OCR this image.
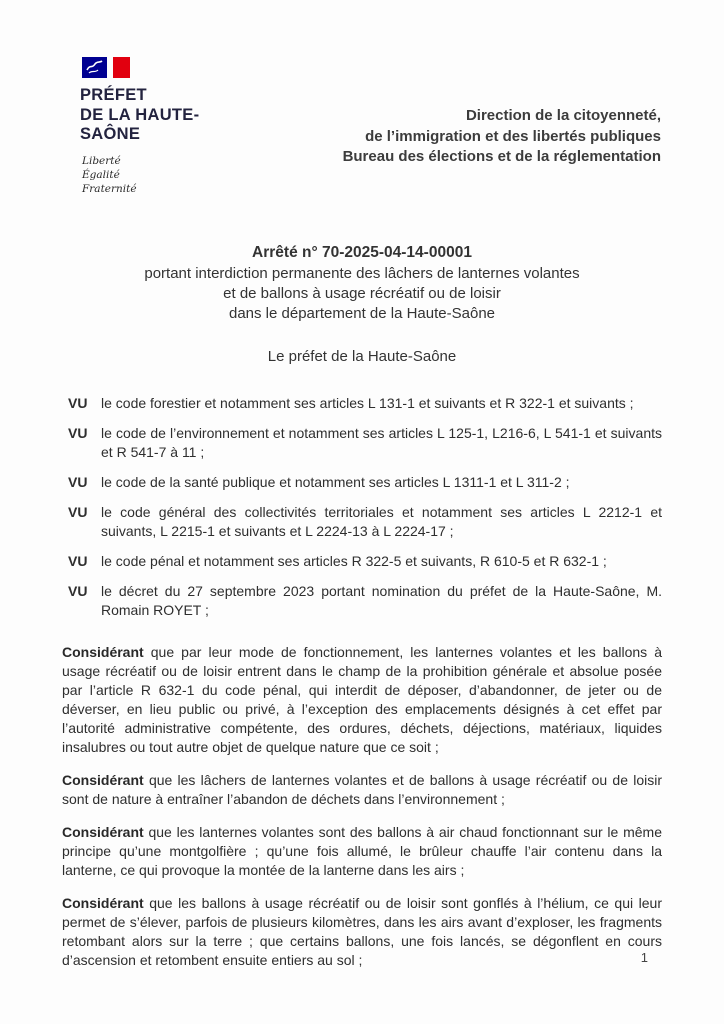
PRÉFET
DE LA HAUTE-
SAÔNE
Liberté
Égalité
Fraternité
Direction de la citoyenneté,
de l’immigration et des libertés publiques
Bureau des élections et de la réglementation
Arrêté n° 70-2025-04-14-00001
portant interdiction permanente des lâchers de lanternes volantes
et de ballons à usage récréatif ou de loisir
dans le département de la Haute-Saône
Le préfet de la Haute-Saône
VU le code forestier et notamment ses articles L 131-1 et suivants et R 322-1 et suivants ;
VU le code de l’environnement et notamment ses articles L 125-1, L216-6, L 541-1 et suivants et R 541-7 à 11 ;
VU le code de la santé publique et notamment ses articles L 1311-1 et L 311-2 ;
VU le code général des collectivités territoriales et notamment ses articles L 2212-1 et suivants, L 2215-1 et suivants et L 2224-13 à L 2224-17 ;
VU le code pénal et notamment ses articles R 322-5 et suivants, R 610-5 et R 632-1 ;
VU le décret du 27 septembre 2023 portant nomination du préfet de la Haute-Saône, M. Romain ROYET ;

Considérant que par leur mode de fonctionnement, les lanternes volantes et les ballons à usage récréatif ou de loisir entrent dans le champ de la prohibition générale et absolue posée par l’article R 632-1 du code pénal, qui interdit de déposer, d’abandonner, de jeter ou de déverser, en lieu public ou privé, à l’exception des emplacements désignés à cet effet par l’autorité administrative compétente, des ordures, déchets, déjections, matériaux, liquides insalubres ou tout autre objet de quelque nature que ce soit ;

Considérant que les lâchers de lanternes volantes et de ballons à usage récréatif ou de loisir sont de nature à entraîner l’abandon de déchets dans l’environnement ;

Considérant que les lanternes volantes sont des ballons à air chaud fonctionnant sur le même principe qu’une montgolfière ; qu’une fois allumé, le brûleur chauffe l’air contenu dans la lanterne, ce qui provoque la montée de la lanterne dans les airs ;

Considérant que les ballons à usage récréatif ou de loisir sont gonflés à l’hélium, ce qui leur permet de s’élever, parfois de plusieurs kilomètres, dans les airs avant d’exploser, les fragments retombant alors sur la terre ; que certains ballons, une fois lancés, se dégonflent en cours d’ascension et retombent ensuite entiers au sol ;	1
